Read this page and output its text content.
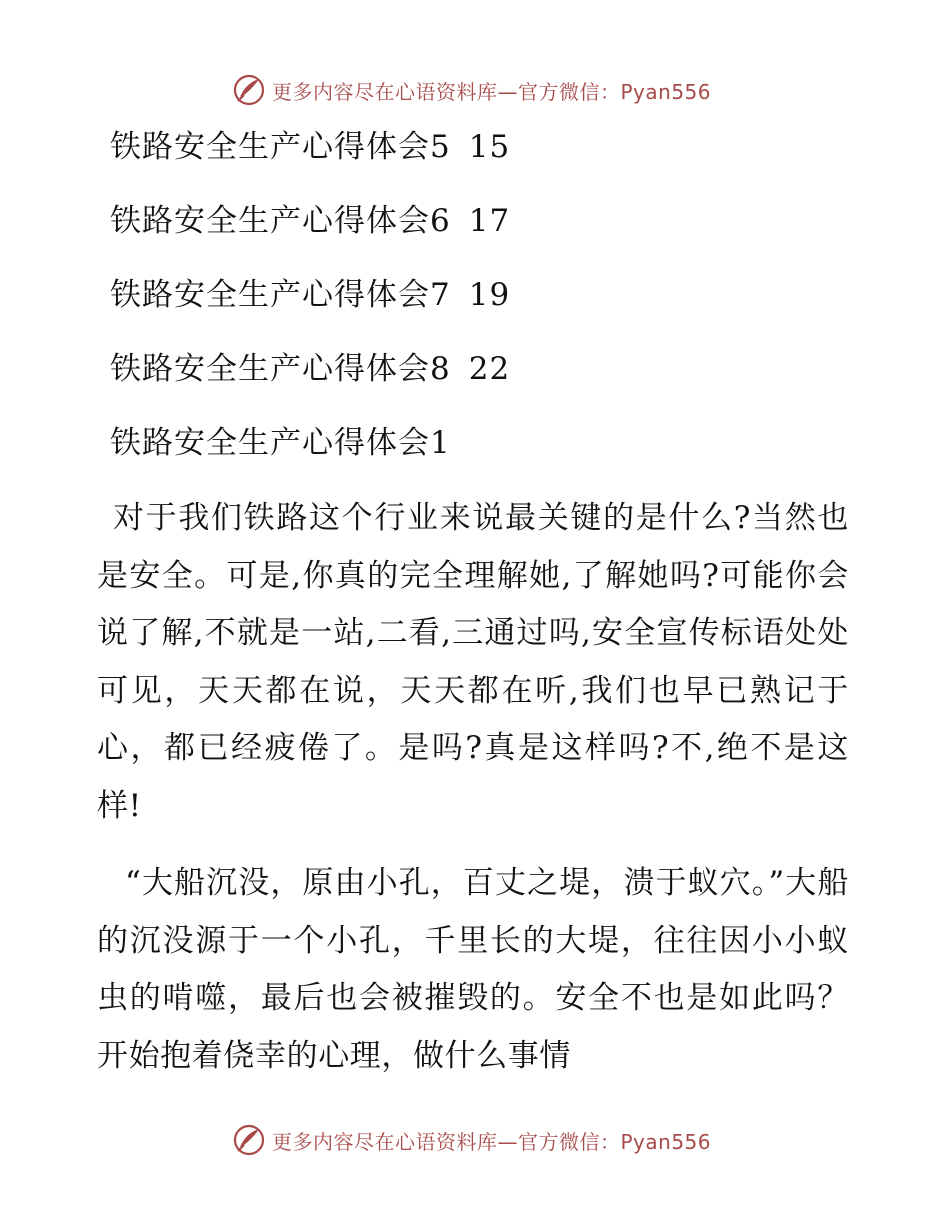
更多内容尽在心语资料库—官方微信：Pyan556
铁路安全生产心得体会5 15
铁路安全生产心得体会6 17
铁路安全生产心得体会7 19
铁路安全生产心得体会8 22
铁路安全生产心得体会1

对于我们铁路这个行业来说最关键的是什么?当然也是安全。可是,你真的完全理解她,了解她吗?可能你会说了解,不就是一站,二看,三通过吗,安全宣传标语处处可见，天天都在说，天天都在听,我们也早已熟记于心，都已经疲倦了。是吗?真是这样吗?不,绝不是这样!

“大船沉没，原由小孔，百丈之堤，溃于蚁穴。”大船的沉没源于一个小孔，千里长的大堤，往往因小小蚁虫的啃噬，最后也会被摧毁的。安全不也是如此吗？开始抱着侥幸的心理，做什么事情

更多内容尽在心语资料库—官方微信：Pyan556
